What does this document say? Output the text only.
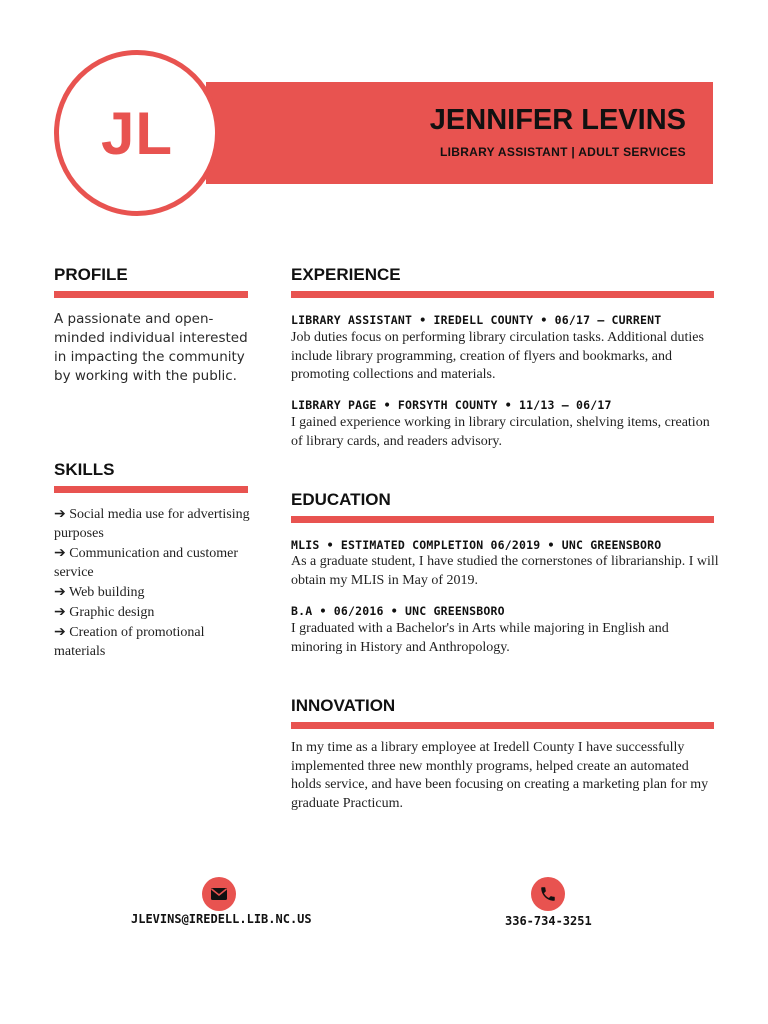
JL	JENNIFER LEVINS
LIBRARY ASSISTANT | ADULT SERVICES
PROFILE

A passionate and open-minded individual interested in impacting the community by working with the public.

SKILLS
➔ Social media use for advertising purposes
➔ Communication and customer service
➔ Web building
➔ Graphic design
➔ Creation of promotional materials
EXPERIENCE
LIBRARY ASSISTANT • IREDELL COUNTY • 06/17 – CURRENT

Job duties focus on performing library circulation tasks. Additional duties include library programming, creation of flyers and bookmarks, and promoting collections and materials.

LIBRARY PAGE • FORSYTH COUNTY • 11/13 – 06/17

I gained experience working in library circulation, shelving items, creation of library cards, and readers advisory.

EDUCATION
MLIS • ESTIMATED COMPLETION 06/2019 • UNC GREENSBORO

As a graduate student, I have studied the cornerstones of librarianship. I will obtain my MLIS in May of 2019.

B.A • 06/2016 • UNC GREENSBORO

I graduated with a Bachelor's in Arts while majoring in English and minoring in History and Anthropology.

INNOVATION

In my time as a library employee at Iredell County I have successfully implemented three new monthly programs, helped create an automated holds service, and have been focusing on creating a marketing plan for my graduate Practicum.

JLEVINS@IREDELL.LIB.NC.US	336-734-3251
